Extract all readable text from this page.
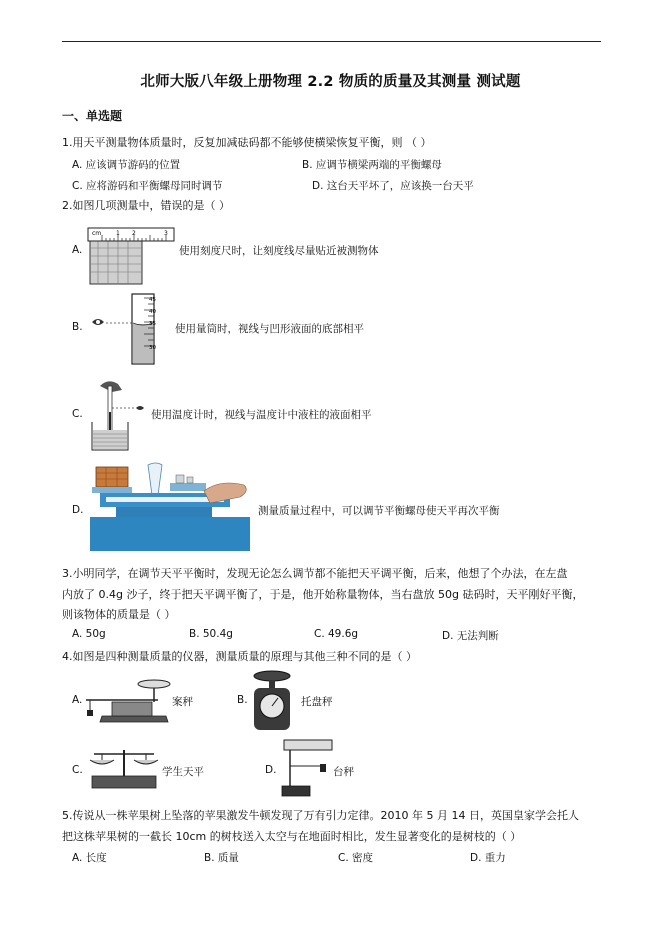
北师大版八年级上册物理 2.2 物质的质量及其测量 测试题
一、单选题
1.用天平测量物体质量时，反复加减砝码都不能够使横梁恢复平衡，则 （ ）
A. 应该调节游码的位置	B. 应调节横梁两端的平衡螺母
C. 应将游码和平衡螺母同时调节	D. 这台天平坏了，应该换一台天平
2.如图几项测量中，错误的是（ ）
A.
cm 1 2	3
使用刻度尺时，让刻度线尽量贴近被测物体
B.
45
40
35
30
使用量筒时，视线与凹形液面的底部相平
C.	使用温度计时，视线与温度计中液柱的液面相平
D.	测量质量过程中，可以调节平衡螺母使天平再次平衡
3.小明同学，在调节天平平衡时，发现无论怎么调节都不能把天平调平衡，后来，他想了个办法，在左盘
内放了 0.4g 沙子，终于把天平调平衡了，于是，他开始称量物体，当右盘放 50g 砝码时，天平刚好平衡，
则该物体的质量是（ ）
A. 50g	B. 50.4g	C. 49.6g	D. 无法判断
4.如图是四种测量质量的仪器，测量质量的原理与其他三种不同的是（ ）
A.	案秤	B.	托盘秤
C.	学生天平	D.	台秤
5.传说从一株苹果树上坠落的苹果激发牛顿发现了万有引力定律。2010 年 5 月 14 日，英国皇家学会托人
把这株苹果树的一截长 10cm 的树枝送入太空与在地面时相比，发生显著变化的是树枝的（ ）
A. 长度	B. 质量	C. 密度	D. 重力
